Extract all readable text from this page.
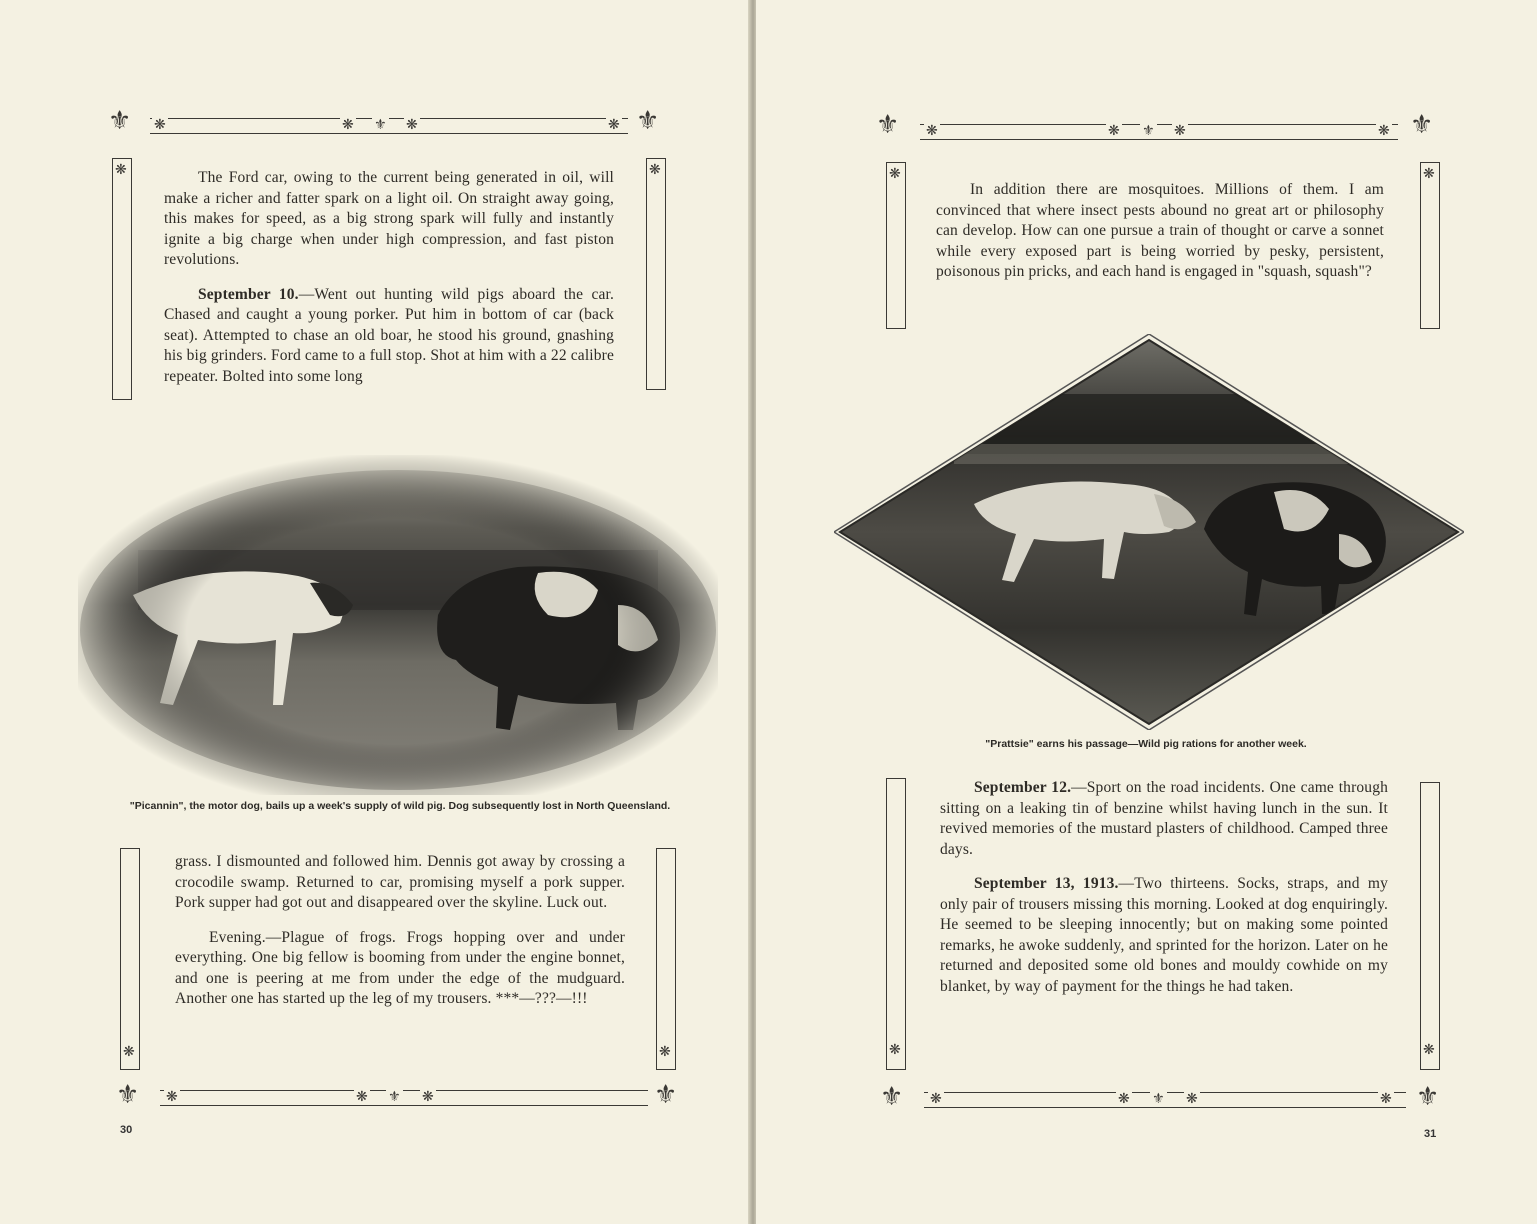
⚜ ❋	❋ ⚜ ❋	❋ ⚜
❋	❋

The Ford car, owing to the current being generated in oil, will make a richer and fatter spark on a light oil. On straight away going, this makes for speed, as a big strong spark will fully and instantly ignite a big charge when under high compression, and fast piston revolutions.

September 10.—Went out hunting wild pigs aboard the car. Chased and caught a young porker. Put him in bottom of car (back seat). Attempted to chase an old boar, he stood his ground, gnashing his big grinders. Ford came to a full stop. Shot at him with a 22 calibre repeater. Bolted into some long

"Picannin", the motor dog, bails up a week's supply of wild pig. Dog subsequently lost in North Queensland.
❋	❋

grass. I dismounted and followed him. Dennis got away by crossing a crocodile swamp. Returned to car, promising myself a pork supper. Pork supper had got out and disappeared over the skyline. Luck out.

Evening.—Plague of frogs. Frogs hopping over and under everything. One big fellow is booming from under the engine bonnet, and one is peering at me from under the edge of the mudguard. Another one has started up the leg of my trousers. ***—???—!!!

⚜ ❋	❋ ⚜ ❋	⚜
30
⚜ ❋	❋ ⚜ ❋	❋ ⚜
❋	❋

In addition there are mosquitoes. Millions of them. I am convinced that where insect pests abound no great art or philosophy can develop. How can one pursue a train of thought or carve a sonnet while every exposed part is being worried by pesky, persistent, poisonous pin pricks, and each hand is engaged in "squash, squash"?

"Prattsie" earns his passage—Wild pig rations for another week.
❋	❋

September 12.—Sport on the road incidents. One came through sitting on a leaking tin of benzine whilst having lunch in the sun. It revived memories of the mustard plasters of childhood. Camped three days.

September 13, 1913.—Two thirteens. Socks, straps, and my only pair of trousers missing this morning. Looked at dog enquiringly. He seemed to be sleeping innocently; but on making some pointed remarks, he awoke suddenly, and sprinted for the horizon. Later on he returned and deposited some old bones and mouldy cowhide on my blanket, by way of payment for the things he had taken.

⚜ ❋	❋ ⚜ ❋	❋ ⚜
31
